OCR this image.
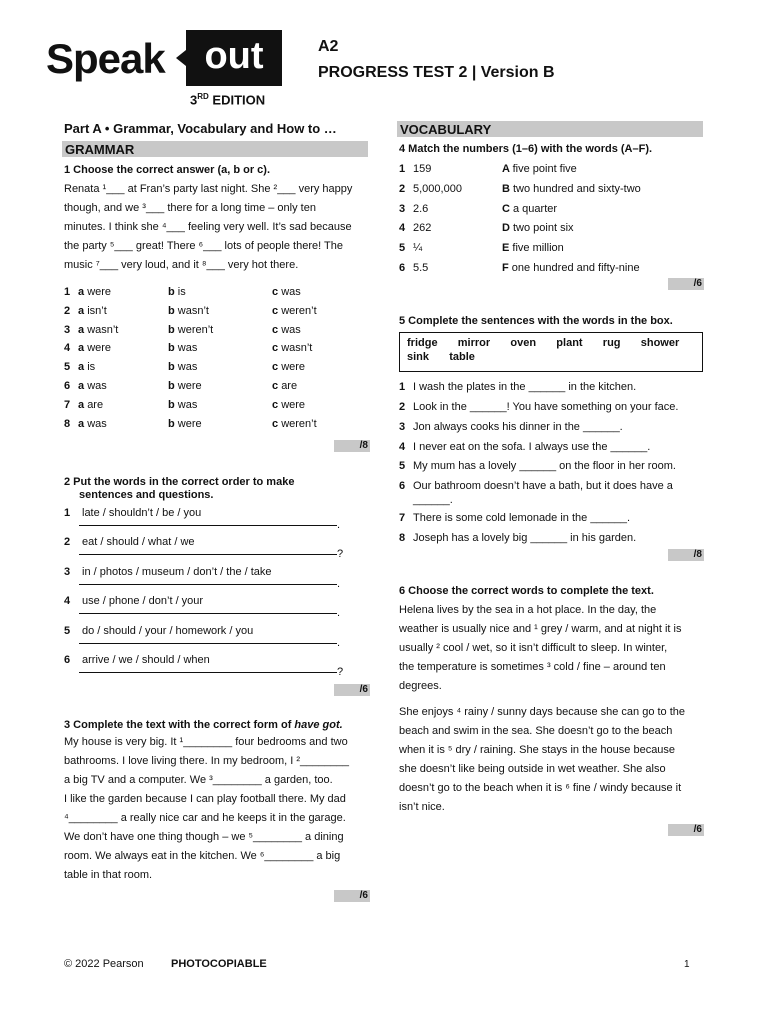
Speak	out
3RD EDITION
A2
PROGRESS TEST 2 | Version B
Part A • Grammar, Vocabulary and How to …
GRAMMAR
1 Choose the correct answer (a, b or c).
Renata ¹___ at Fran’s party last night. She ²___ very happy
though, and we ³___ there for a long time – only ten
minutes. I think she ⁴___ feeling very well. It’s sad because
the party ⁵___ great! There ⁶___ lots of people there! The
music ⁷___ very loud, and it ⁸___ very hot there.
1 a were	b is	c was
2 a isn’t	b wasn’t	c weren’t
3 a wasn’t	b weren’t	c was
4 a were	b was	c wasn’t
5 a is	b was	c were
6 a was	b were	c are
7 a are	b was	c were
8 a was	b were	c weren’t
/8
2 Put the words in the correct order to make
sentences and questions.
1 late / shouldn’t / be / you
.
2 eat / should / what / we
?
3 in / photos / museum / don’t / the / take
.
4 use / phone / don’t / your
.
5 do / should / your / homework / you
.
6 arrive / we / should / when
?
/6
3 Complete the text with the correct form of have got.
My house is very big. It ¹________ four bedrooms and two
bathrooms. I love living there. In my bedroom, I ²________
a big TV and a computer. We ³________ a garden, too.
I like the garden because I can play football there. My dad
⁴________ a really nice car and he keeps it in the garage.
We don’t have one thing though – we ⁵________ a dining
room. We always eat in the kitchen. We ⁶________ a big
table in that room.
/6
VOCABULARY
4 Match the numbers (1–6) with the words (A–F).
1 159	A five point five
2 5,000,000	B two hundred and sixty-two
3 2.6	C a quarter
4 262	D two point six
5 ¼	E five million
6 5.5	F one hundred and fifty-nine
/6
5 Complete the sentences with the words in the box.
fridge    mirror    oven    plant    rug    shower
sink    table
1 I wash the plates in the ______ in the kitchen.
2 Look in the ______! You have something on your face.
3 Jon always cooks his dinner in the ______.
4 I never eat on the sofa. I always use the ______.
5 My mum has a lovely ______ on the floor in her room.
6 Our bathroom doesn’t have a bath, but it does have a
______.
7 There is some cold lemonade in the ______.
8 Joseph has a lovely big ______ in his garden.
/8
6 Choose the correct words to complete the text.
Helena lives by the sea in a hot place. In the day, the
weather is usually nice and ¹ grey / warm, and at night it is
usually ² cool / wet, so it isn’t difficult to sleep. In winter,
the temperature is sometimes ³ cold / fine – around ten
degrees.
She enjoys ⁴ rainy / sunny days because she can go to the
beach and swim in the sea. She doesn’t go to the beach
when it is ⁵ dry / raining. She stays in the house because
she doesn’t like being outside in wet weather. She also
doesn’t go to the beach when it is ⁶ fine / windy because it
isn’t nice.
/6
© 2022 Pearson PHOTOCOPIABLE	1
